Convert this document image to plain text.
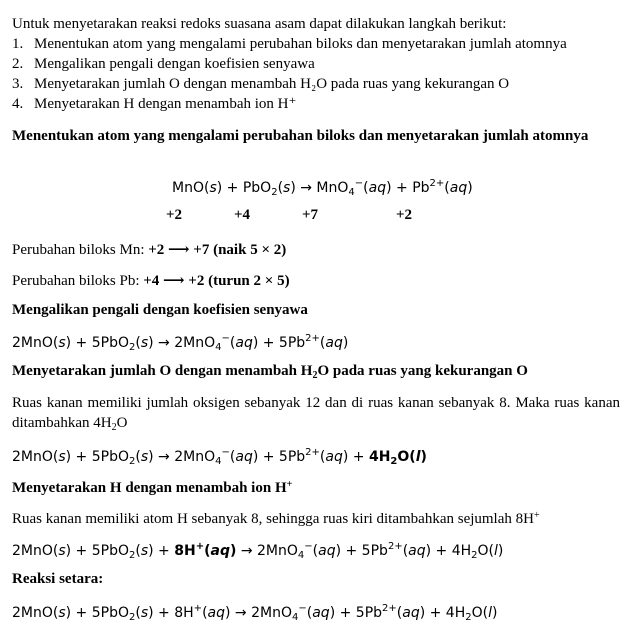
Untuk menyetarakan reaksi redoks suasana asam dapat dilakukan langkah berikut:
1. Menentukan atom yang mengalami perubahan biloks dan menyetarakan jumlah atomnya
2. Mengalikan pengali dengan koefisien senyawa
3. Menyetarakan jumlah O dengan menambah H₂O pada ruas yang kekurangan O
4. Menyetarakan H dengan menambah ion H⁺
Menentukan atom yang mengalami perubahan biloks dan menyetarakan jumlah atomnya
$MnO(s) + PbO_2(s) \to MnO_4^-(aq) + Pb^{2+}(aq)$
+2	+4	+7	+2
Perubahan biloks Mn: +2 ⟶ +7 (naik 5 × 2)
Perubahan biloks Pb: +4 ⟶ +2 (turun 2 × 5)
Mengalikan pengali dengan koefisien senyawa
$2MnO(s) + 5PbO_2(s) \to 2MnO_4^-(aq) + 5Pb^{2+}(aq)$
Menyetarakan jumlah O dengan menambah $H_2O$ pada ruas yang kekurangan O
Ruas kanan memiliki jumlah oksigen sebanyak 12 dan di ruas kanan sebanyak 8. Maka ruas kanan ditambahkan $4H_2O$
$2MnO(s) + 5PbO_2(s) \to 2MnO_4^-(aq) + 5Pb^{2+}(aq) + 4H_2O(l)$
Menyetarakan H dengan menambah ion H+
Ruas kanan memiliki atom H sebanyak 8, sehingga ruas kiri ditambahkan sejumlah 8H+
$2MnO(s) + 5PbO_2(s) + 8H^+(aq) \to 2MnO_4^-(aq) + 5Pb^{2+}(aq) + 4H_2O(l)$
Reaksi setara:
$2MnO(s) + 5PbO_2(s) + 8H^+(aq) \to 2MnO_4^-(aq) + 5Pb^{2+}(aq) + 4H_2O(l)$
